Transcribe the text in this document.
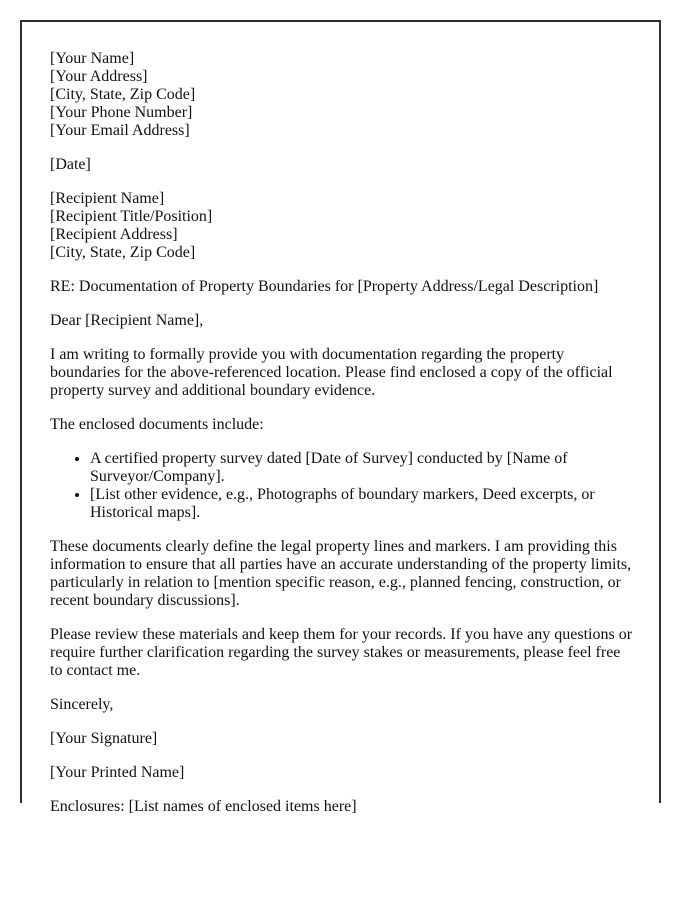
[Your Name]
[Your Address]
[City, State, Zip Code]
[Your Phone Number]
[Your Email Address]

[Date]

[Recipient Name]
[Recipient Title/Position]
[Recipient Address]
[City, State, Zip Code]

RE: Documentation of Property Boundaries for [Property Address/Legal Description]

Dear [Recipient Name],

I am writing to formally provide you with documentation regarding the property boundaries for the above-referenced location. Please find enclosed a copy of the official property survey and additional boundary evidence.

The enclosed documents include:

• A certified property survey dated [Date of Survey] conducted by [Name of Surveyor/Company].
• [List other evidence, e.g., Photographs of boundary markers, Deed excerpts, or Historical maps].

These documents clearly define the legal property lines and markers. I am providing this information to ensure that all parties have an accurate understanding of the property limits, particularly in relation to [mention specific reason, e.g., planned fencing, construction, or recent boundary discussions].

Please review these materials and keep them for your records. If you have any questions or require further clarification regarding the survey stakes or measurements, please feel free to contact me.

Sincerely,

[Your Signature]

[Your Printed Name]

Enclosures: [List names of enclosed items here]
